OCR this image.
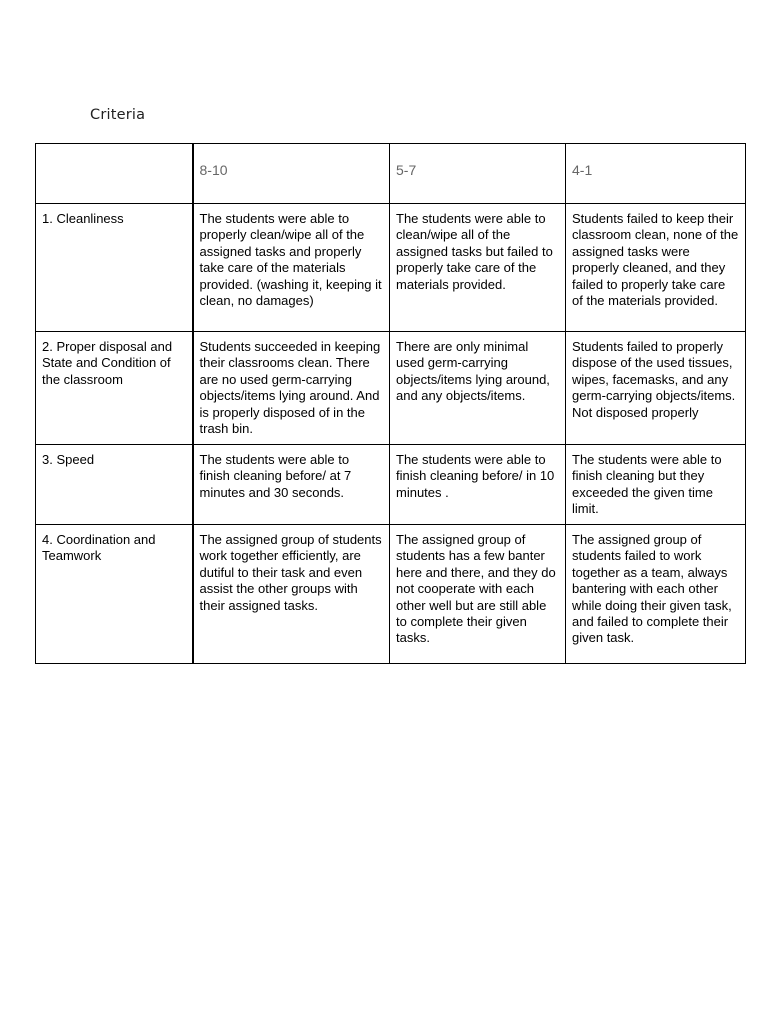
Criteria
	8-10	5-7	4-1
1. Cleanliness	The students were able to properly clean/wipe all of the assigned tasks and properly take care of the materials provided. (washing it, keeping it clean, no damages)	The students were able to clean/wipe all of the assigned tasks but failed to properly take care of the materials provided.	Students failed to keep their classroom clean, none of the assigned tasks were properly cleaned, and they failed to properly take care of the materials provided.
2. Proper disposal and State and Condition of the classroom	Students succeeded in keeping their classrooms clean. There are no used germ-carrying objects/items lying around. And is properly disposed of in the trash bin.	There are only minimal used germ-carrying objects/items lying around, and any objects/items.	Students failed to properly dispose of the used tissues, wipes, facemasks, and any germ-carrying objects/items. Not disposed properly
3. Speed	The students were able to finish cleaning before/ at 7 minutes and 30 seconds.	The students were able to finish cleaning before/ in 10 minutes .	The students were able to finish cleaning but they exceeded the given time limit.
4. Coordination and Teamwork	The assigned group of students work together efficiently, are dutiful to their task and even assist the other groups with their assigned tasks.	The assigned group of students has a few banter here and there, and they do not cooperate with each other well but are still able to complete their given tasks.	The assigned group of students failed to work together as a team, always bantering with each other while doing their given task, and failed to complete their given task.
